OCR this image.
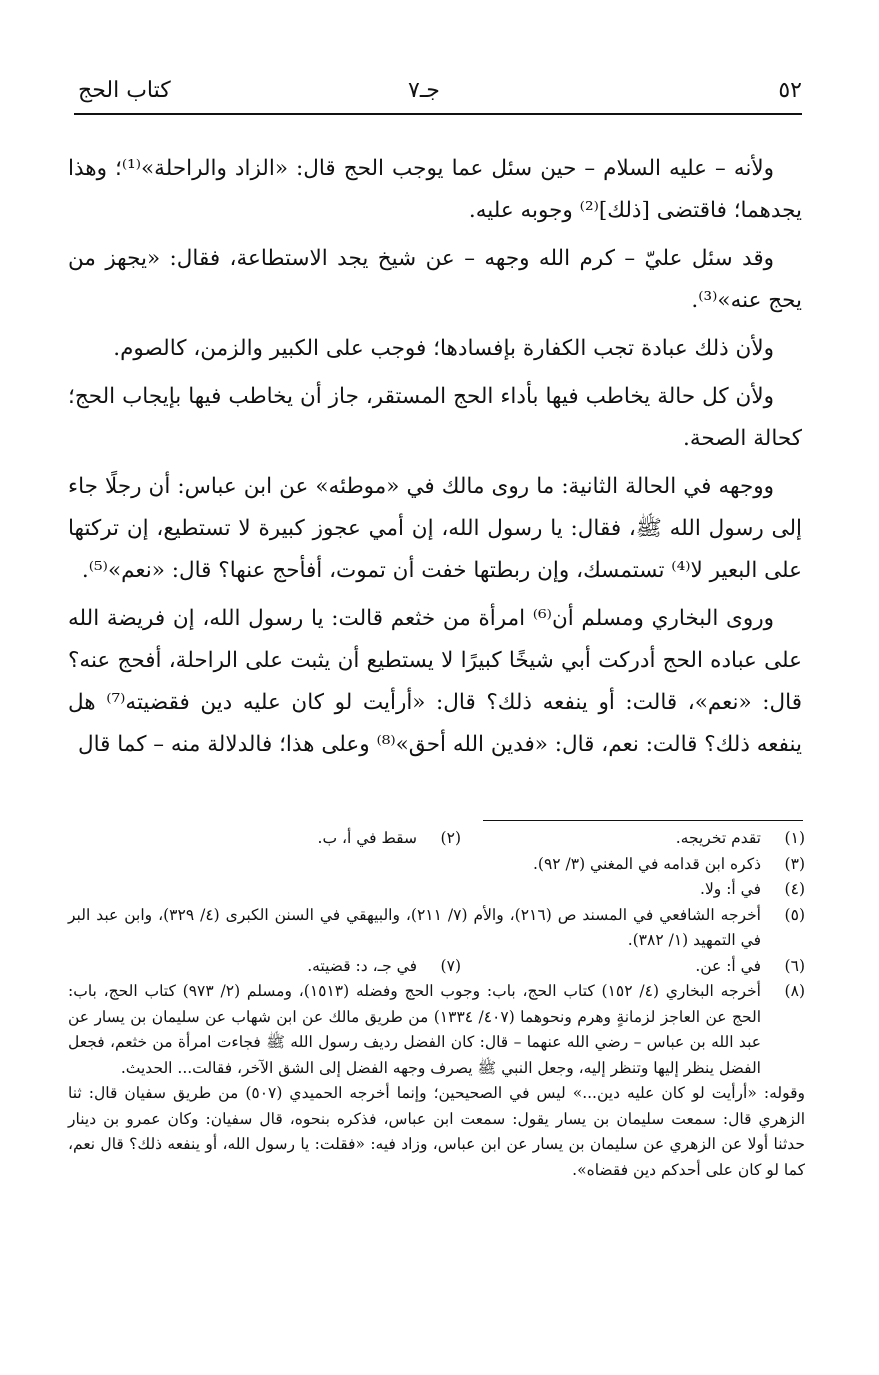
كتاب الحج	جـ٧	٥٢

ولأنه – عليه السلام – حين سئل عما يوجب الحج قال: «الزاد والراحلة»⁽¹⁾؛ وهذا يجدهما؛ فاقتضى [ذلك]⁽²⁾ وجوبه عليه.

وقد سئل عليّ – كرم الله وجهه – عن شيخ يجد الاستطاعة، فقال: «يجهز من يحج عنه»⁽³⁾.

ولأن ذلك عبادة تجب الكفارة بإفسادها؛ فوجب على الكبير والزمن، كالصوم.

ولأن كل حالة يخاطب فيها بأداء الحج المستقر، جاز أن يخاطب فيها بإيجاب الحج؛ كحالة الصحة.

ووجهه في الحالة الثانية: ما روى مالك في «موطئه» عن ابن عباس: أن رجلًا جاء إلى رسول الله ﷺ، فقال: يا رسول الله، إن أمي عجوز كبيرة لا تستطيع، إن تركتها على البعير لا⁽⁴⁾ تستمسك، وإن ربطتها خفت أن تموت، أفأحج عنها؟ قال: «نعم»⁽⁵⁾.

وروى البخاري ومسلم أن⁽⁶⁾ امرأة من خثعم قالت: يا رسول الله، إن فريضة الله على عباده الحج أدركت أبي شيخًا كبيرًا لا يستطيع أن يثبت على الراحلة، أفحج عنه؟ قال: «نعم»، قالت: أو ينفعه ذلك؟ قال: «أرأيت لو كان عليه دين فقضيته⁽⁷⁾ هل ينفعه ذلك؟ قالت: نعم، قال: «فدين الله أحق»⁽⁸⁾ وعلى هذا؛ فالدلالة منه – كما قال

(١)
تقدم تخريجه.
(٢)
سقط في أ، ب.
(٣)
ذكره ابن قدامه في المغني (٣/ ٩٢).
(٤)
في أ: ولا.
(٥)
أخرجه الشافعي في المسند ص (٢١٦)، والأم (٧/ ٢١١)، والبيهقي في السنن الكبرى (٤/ ٣٢٩)، وابن عبد البر في التمهيد (١/ ٣٨٢).
(٦)
في أ: عن.
(٧)
في جـ، د: قضيته.
(٨)
أخرجه البخاري (٤/ ١٥٢) كتاب الحج، باب: وجوب الحج وفضله (١٥١٣)، ومسلم (٢/ ٩٧٣) كتاب الحج، باب: الحج عن العاجز لزمانةٍ وهرم ونحوهما (٤٠٧/ ١٣٣٤) من طريق مالك عن ابن شهاب عن سليمان بن يسار عن عبد الله بن عباس – رضي الله عنهما – قال: كان الفضل رديف رسول الله ﷺ فجاءت امرأة من خثعم، فجعل الفضل ينظر إليها وتنظر إليه، وجعل النبي ﷺ يصرف وجهه الفضل إلى الشق الآخر، فقالت... الحديث.
وقوله: «أرأيت لو كان عليه دين...» ليس في الصحيحين؛ وإنما أخرجه الحميدي (٥٠٧) من طريق سفيان قال: ثنا الزهري قال: سمعت سليمان بن يسار يقول: سمعت ابن عباس، فذكره بنحوه، قال سفيان: وكان عمرو بن دينار حدثنا أولا عن الزهري عن سليمان بن يسار عن ابن عباس، وزاد فيه: «فقلت: يا رسول الله، أو ينفعه ذلك؟ قال نعم، كما لو كان على أحدكم دين فقضاه».
